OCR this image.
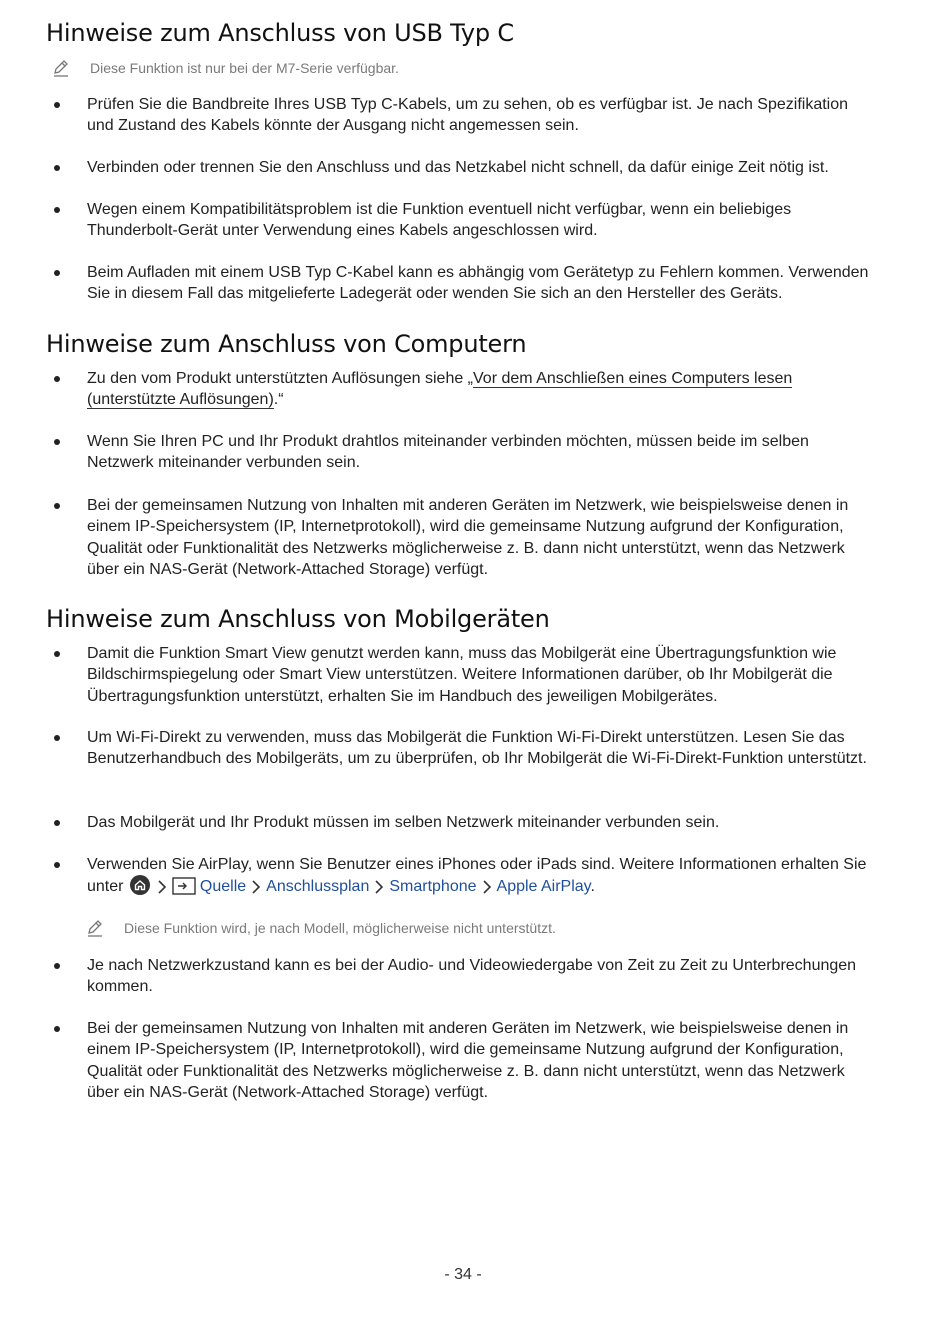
Hinweise zum Anschluss von USB Typ C
Diese Funktion ist nur bei der M7-Serie verfügbar.
Prüfen Sie die Bandbreite Ihres USB Typ C-Kabels, um zu sehen, ob es verfügbar ist. Je nach Spezifikation und Zustand des Kabels könnte der Ausgang nicht angemessen sein.
Verbinden oder trennen Sie den Anschluss und das Netzkabel nicht schnell, da dafür einige Zeit nötig ist.
Wegen einem Kompatibilitätsproblem ist die Funktion eventuell nicht verfügbar, wenn ein beliebiges Thunderbolt-Gerät unter Verwendung eines Kabels angeschlossen wird.
Beim Aufladen mit einem USB Typ C-Kabel kann es abhängig vom Gerätetyp zu Fehlern kommen. Verwenden Sie in diesem Fall das mitgelieferte Ladegerät oder wenden Sie sich an den Hersteller des Geräts.
Hinweise zum Anschluss von Computern
Zu den vom Produkt unterstützten Auflösungen siehe „Vor dem Anschließen eines Computers lesen (unterstützte Auflösungen).“
Wenn Sie Ihren PC und Ihr Produkt drahtlos miteinander verbinden möchten, müssen beide im selben Netzwerk miteinander verbunden sein.
Bei der gemeinsamen Nutzung von Inhalten mit anderen Geräten im Netzwerk, wie beispielsweise denen in einem IP-Speichersystem (IP, Internetprotokoll), wird die gemeinsame Nutzung aufgrund der Konfiguration, Qualität oder Funktionalität des Netzwerks möglicherweise z. B. dann nicht unterstützt, wenn das Netzwerk über ein NAS-Gerät (Network-Attached Storage) verfügt.
Hinweise zum Anschluss von Mobilgeräten
Damit die Funktion Smart View genutzt werden kann, muss das Mobilgerät eine Übertragungsfunktion wie Bildschirmspiegelung oder Smart View unterstützen. Weitere Informationen darüber, ob Ihr Mobilgerät die Übertragungsfunktion unterstützt, erhalten Sie im Handbuch des jeweiligen Mobilgerätes.
Um Wi-Fi-Direkt zu verwenden, muss das Mobilgerät die Funktion Wi-Fi-Direkt unterstützen. Lesen Sie das Benutzerhandbuch des Mobilgeräts, um zu überprüfen, ob Ihr Mobilgerät die Wi-Fi-Direkt-Funktion unterstützt.
Das Mobilgerät und Ihr Produkt müssen im selben Netzwerk miteinander verbunden sein.
Verwenden Sie AirPlay, wenn Sie Benutzer eines iPhones oder iPads sind. Weitere Informationen erhalten Sie unter	Quelle Anschlussplan Smartphone Apple AirPlay.
Diese Funktion wird, je nach Modell, möglicherweise nicht unterstützt.
Je nach Netzwerkzustand kann es bei der Audio- und Videowiedergabe von Zeit zu Zeit zu Unterbrechungen kommen.
Bei der gemeinsamen Nutzung von Inhalten mit anderen Geräten im Netzwerk, wie beispielsweise denen in einem IP-Speichersystem (IP, Internetprotokoll), wird die gemeinsame Nutzung aufgrund der Konfiguration, Qualität oder Funktionalität des Netzwerks möglicherweise z. B. dann nicht unterstützt, wenn das Netzwerk über ein NAS-Gerät (Network-Attached Storage) verfügt.
- 34 -
